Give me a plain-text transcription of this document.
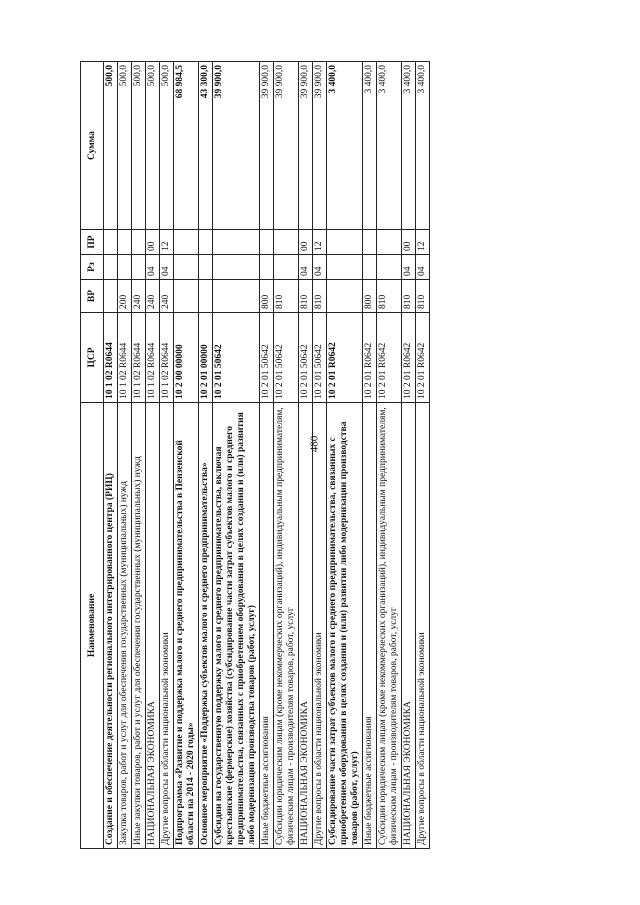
480
Наименование	ЦСР	ВР	Рз	ПР	Сумма
Создание и обеспечение деятельности регионального интегрированного центра (РИЦ)	10 1 02 R0644				500,0
Закупка товаров, работ и услуг для обеспечения государственных (муниципальных) нужд	10 1 02 R0644	200			500,0
Иные закупки товаров, работ и услуг для обеспечения государственных (муниципальных) нужд	10 1 02 R0644	240			500,0
НАЦИОНАЛЬНАЯ ЭКОНОМИКА	10 1 02 R0644	240	04	00	500,0
Другие вопросы в области национальной экономики	10 1 02 R0644	240	04	12	500,0
Подпрограмма «Развитие и поддержка малого и среднего предпринимательства в Пензенской области на 2014 - 2020 годы»	10 2 00 00000				68 984,5
Основное мероприятие «Поддержка субъектов малого и среднего предпринимательства»	10 2 01 00000				43 300,0
Субсидии на государственную поддержку малого и среднего предпринимательства, включая крестьянские (фермерские) хозяйства (субсидирование части затрат субъектов малого и среднего предпринимательства, связанных с приобретением оборудования в целях создания и (или) развития либо модернизации производства товаров (работ, услуг)	10 2 01 50642				39 900,0
Иные бюджетные ассигнования	10 2 01 50642	800			39 900,0
Субсидии юридическим лицам (кроме некоммерческих организаций), индивидуальным предпринимателям, физическим лицам - производителям товаров, работ, услуг	10 2 01 50642	810			39 900,0
НАЦИОНАЛЬНАЯ ЭКОНОМИКА	10 2 01 50642	810	04	00	39 900,0
Другие вопросы в области национальной экономики	10 2 01 50642	810	04	12	39 900,0
Субсидирование части затрат субъектов малого и среднего предпринимательства, связанных с приобретением оборудования в целях создания и (или) развития либо модернизации производства товаров (работ, услуг)	10 2 01 R0642				3 400,0
Иные бюджетные ассигнования	10 2 01 R0642	800			3 400,0
Субсидии юридическим лицам (кроме некоммерческих организаций), индивидуальным предпринимателям, физическим лицам - производителям товаров, работ, услуг	10 2 01 R0642	810			3 400,0
НАЦИОНАЛЬНАЯ ЭКОНОМИКА	10 2 01 R0642	810	04	00	3 400,0
Другие вопросы в области национальной экономики	10 2 01 R0642	810	04	12	3 400,0
